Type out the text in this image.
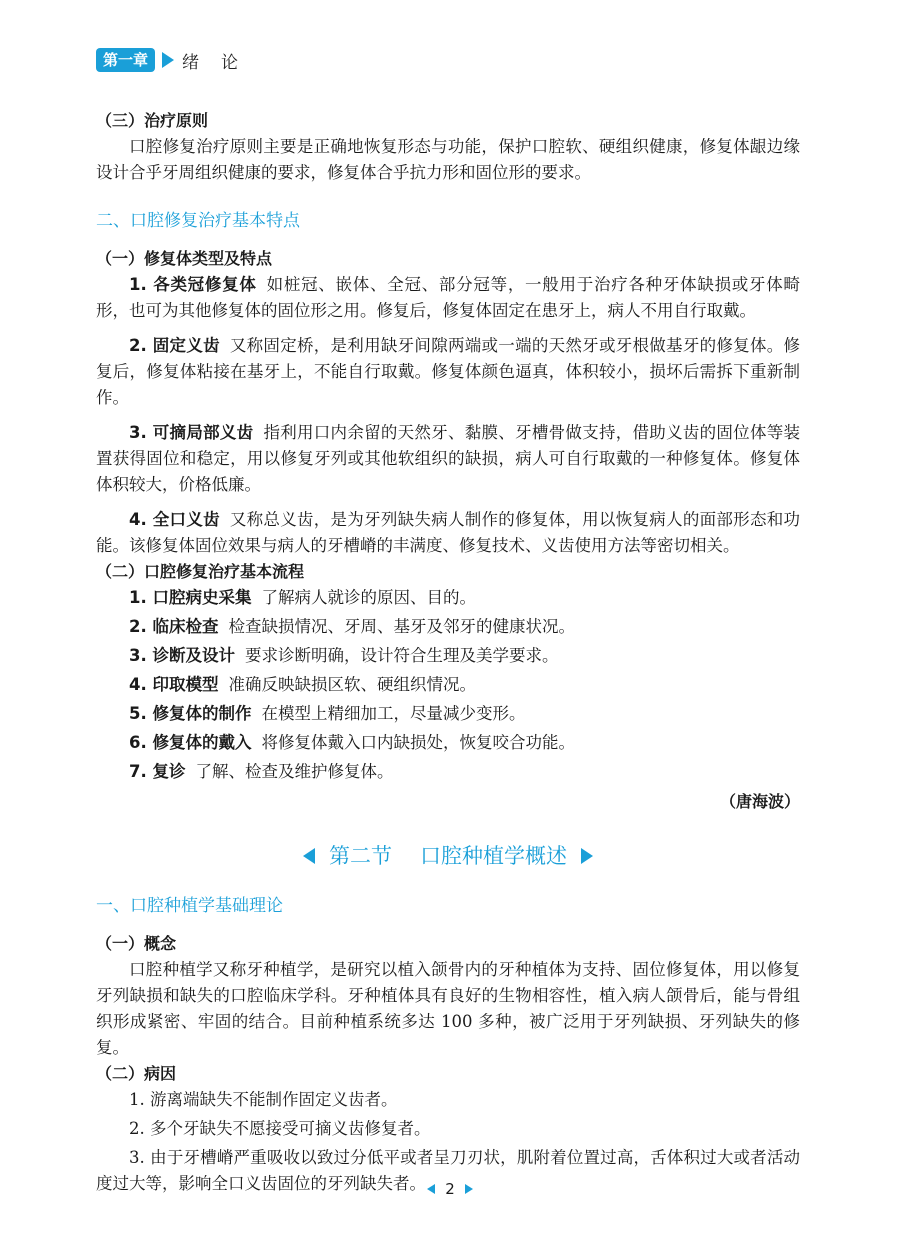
第一章	绪论

（三）治疗原则

口腔修复治疗原则主要是正确地恢复形态与功能，保护口腔软、硬组织健康，修复体龈边缘设计合乎牙周组织健康的要求，修复体合乎抗力形和固位形的要求。

二、口腔修复治疗基本特点

（一）修复体类型及特点

1. 各类冠修复体 如桩冠、嵌体、全冠、部分冠等，一般用于治疗各种牙体缺损或牙体畸形，也可为其他修复体的固位形之用。修复后，修复体固定在患牙上，病人不用自行取戴。

2. 固定义齿 又称固定桥，是利用缺牙间隙两端或一端的天然牙或牙根做基牙的修复体。修复后，修复体粘接在基牙上，不能自行取戴。修复体颜色逼真，体积较小，损坏后需拆下重新制作。

3. 可摘局部义齿 指利用口内余留的天然牙、黏膜、牙槽骨做支持，借助义齿的固位体等装置获得固位和稳定，用以修复牙列或其他软组织的缺损，病人可自行取戴的一种修复体。修复体体积较大，价格低廉。

4. 全口义齿 又称总义齿，是为牙列缺失病人制作的修复体，用以恢复病人的面部形态和功能。该修复体固位效果与病人的牙槽嵴的丰满度、修复技术、义齿使用方法等密切相关。

（二）口腔修复治疗基本流程

1. 口腔病史采集 了解病人就诊的原因、目的。

2. 临床检查 检查缺损情况、牙周、基牙及邻牙的健康状况。

3. 诊断及设计 要求诊断明确，设计符合生理及美学要求。

4. 印取模型 准确反映缺损区软、硬组织情况。

5. 修复体的制作 在模型上精细加工，尽量减少变形。

6. 修复体的戴入 将修复体戴入口内缺损处，恢复咬合功能。

7. 复诊 了解、检查及维护修复体。

（唐海波）

第二节 口腔种植学概述

一、口腔种植学基础理论

（一）概念

口腔种植学又称牙种植学，是研究以植入颌骨内的牙种植体为支持、固位修复体，用以修复牙列缺损和缺失的口腔临床学科。牙种植体具有良好的生物相容性，植入病人颌骨后，能与骨组织形成紧密、牢固的结合。目前种植系统多达 100 多种，被广泛用于牙列缺损、牙列缺失的修复。

（二）病因

1. 游离端缺失不能制作固定义齿者。

2. 多个牙缺失不愿接受可摘义齿修复者。

3. 由于牙槽嵴严重吸收以致过分低平或者呈刀刃状，肌附着位置过高，舌体积过大或者活动度过大等，影响全口义齿固位的牙列缺失者。	2
